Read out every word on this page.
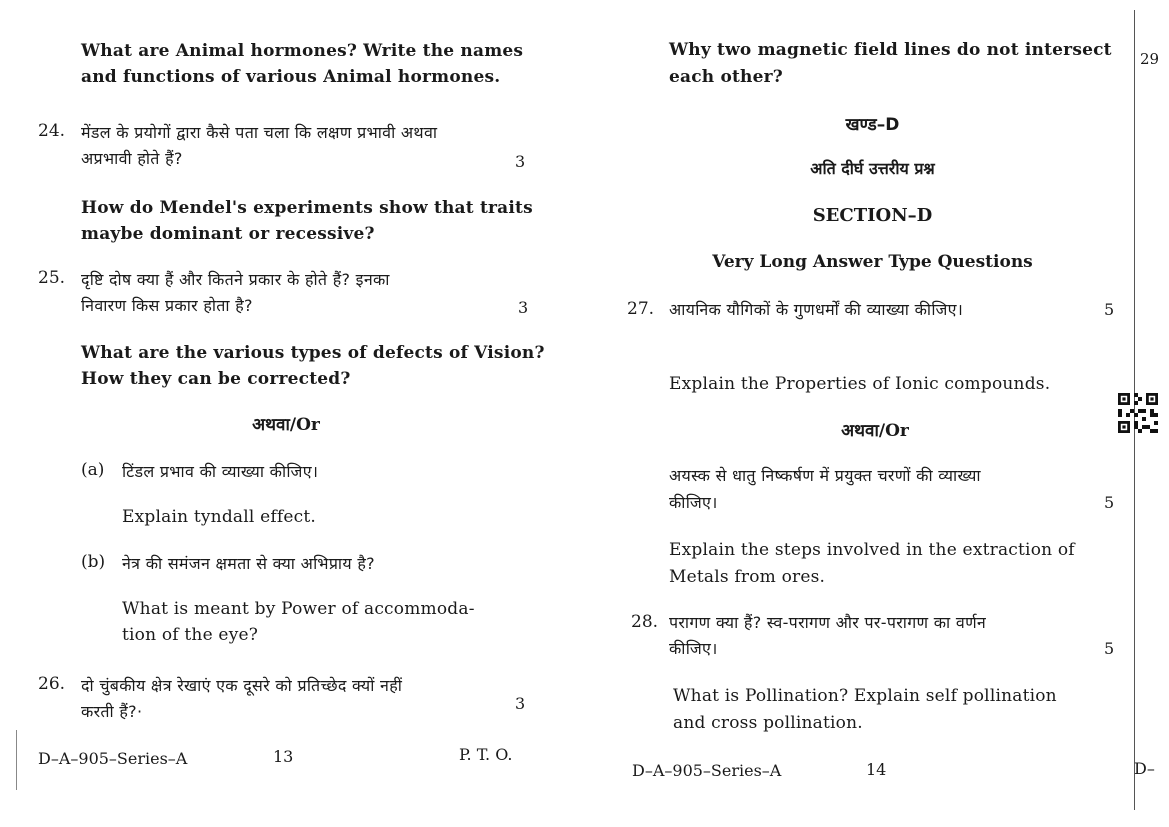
What are Animal hormones? Write the names and functions of various Animal hormones.
24. मेंडल के प्रयोगों द्वारा कैसे पता चला कि लक्षण प्रभावी अथवा
अप्रभावी होते हैं?	3
How do Mendel's experiments show that traits
maybe dominant or recessive?
25. दृष्टि दोष क्या हैं और कितने प्रकार के होते हैं? इनका
निवारण किस प्रकार होता है?	3
What are the various types of defects of Vision?
How they can be corrected?
अथवा/Or
(a) टिंडल प्रभाव की व्याख्या कीजिए।
Explain tyndall effect.
(b) नेत्र की समंजन क्षमता से क्या अभिप्राय है?
What is meant by Power of accommoda-
tion of the eye?
26. दो चुंबकीय क्षेत्र रेखाएं एक दूसरे को प्रतिच्छेद क्यों नहीं
करती हैं?·	3
D–A–905–Series–A	13	P. T. O.
Why two magnetic field lines do not intersect
each other?
खण्ड–D
अति दीर्घ उत्तरीय प्रश्न
SECTION–D
Very Long Answer Type Questions
27. आयनिक यौगिकों के गुणधर्मों की व्याख्या कीजिए।	5
Explain the Properties of Ionic compounds.
अथवा/Or
अयस्क से धातु निष्कर्षण में प्रयुक्त चरणों की व्याख्या
कीजिए।	5
Explain the steps involved in the extraction of
Metals from ores.
28. परागण क्या हैं? स्व-परागण और पर-परागण का वर्णन
कीजिए।	5
What is Pollination? Explain self pollination
and cross pollination.
D–A–905–Series–A	14
29
D–
